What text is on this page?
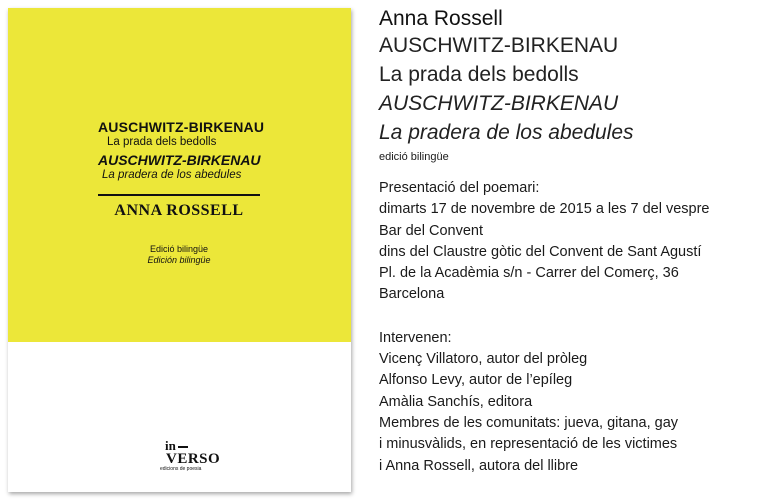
AUSCHWITZ-BIRKENAU
La prada dels bedolls
AUSCHWITZ-BIRKENAU
La pradera de los abedules
ANNA ROSSELL
Edició bilingüe
Edición bilingüe
in
VERSO
edicions de poesia
Anna Rossell
AUSCHWITZ-BIRKENAU
La prada dels bedolls
AUSCHWITZ-BIRKENAU
La pradera de los abedules
edició bilingüe
Presentació del poemari:
dimarts 17 de novembre de 2015 a les 7 del vespre
Bar del Convent
dins del Claustre gòtic del Convent de Sant Agustí
Pl. de la Acadèmia s/n - Carrer del Comerç, 36
Barcelona
Intervenen:
Vicenç Villatoro, autor del pròleg
Alfonso Levy, autor de l’epíleg
Amàlia Sanchís, editora
Membres de les comunitats: jueva, gitana, gay
i minusvàlids, en representació de les victimes
i Anna Rossell, autora del llibre
